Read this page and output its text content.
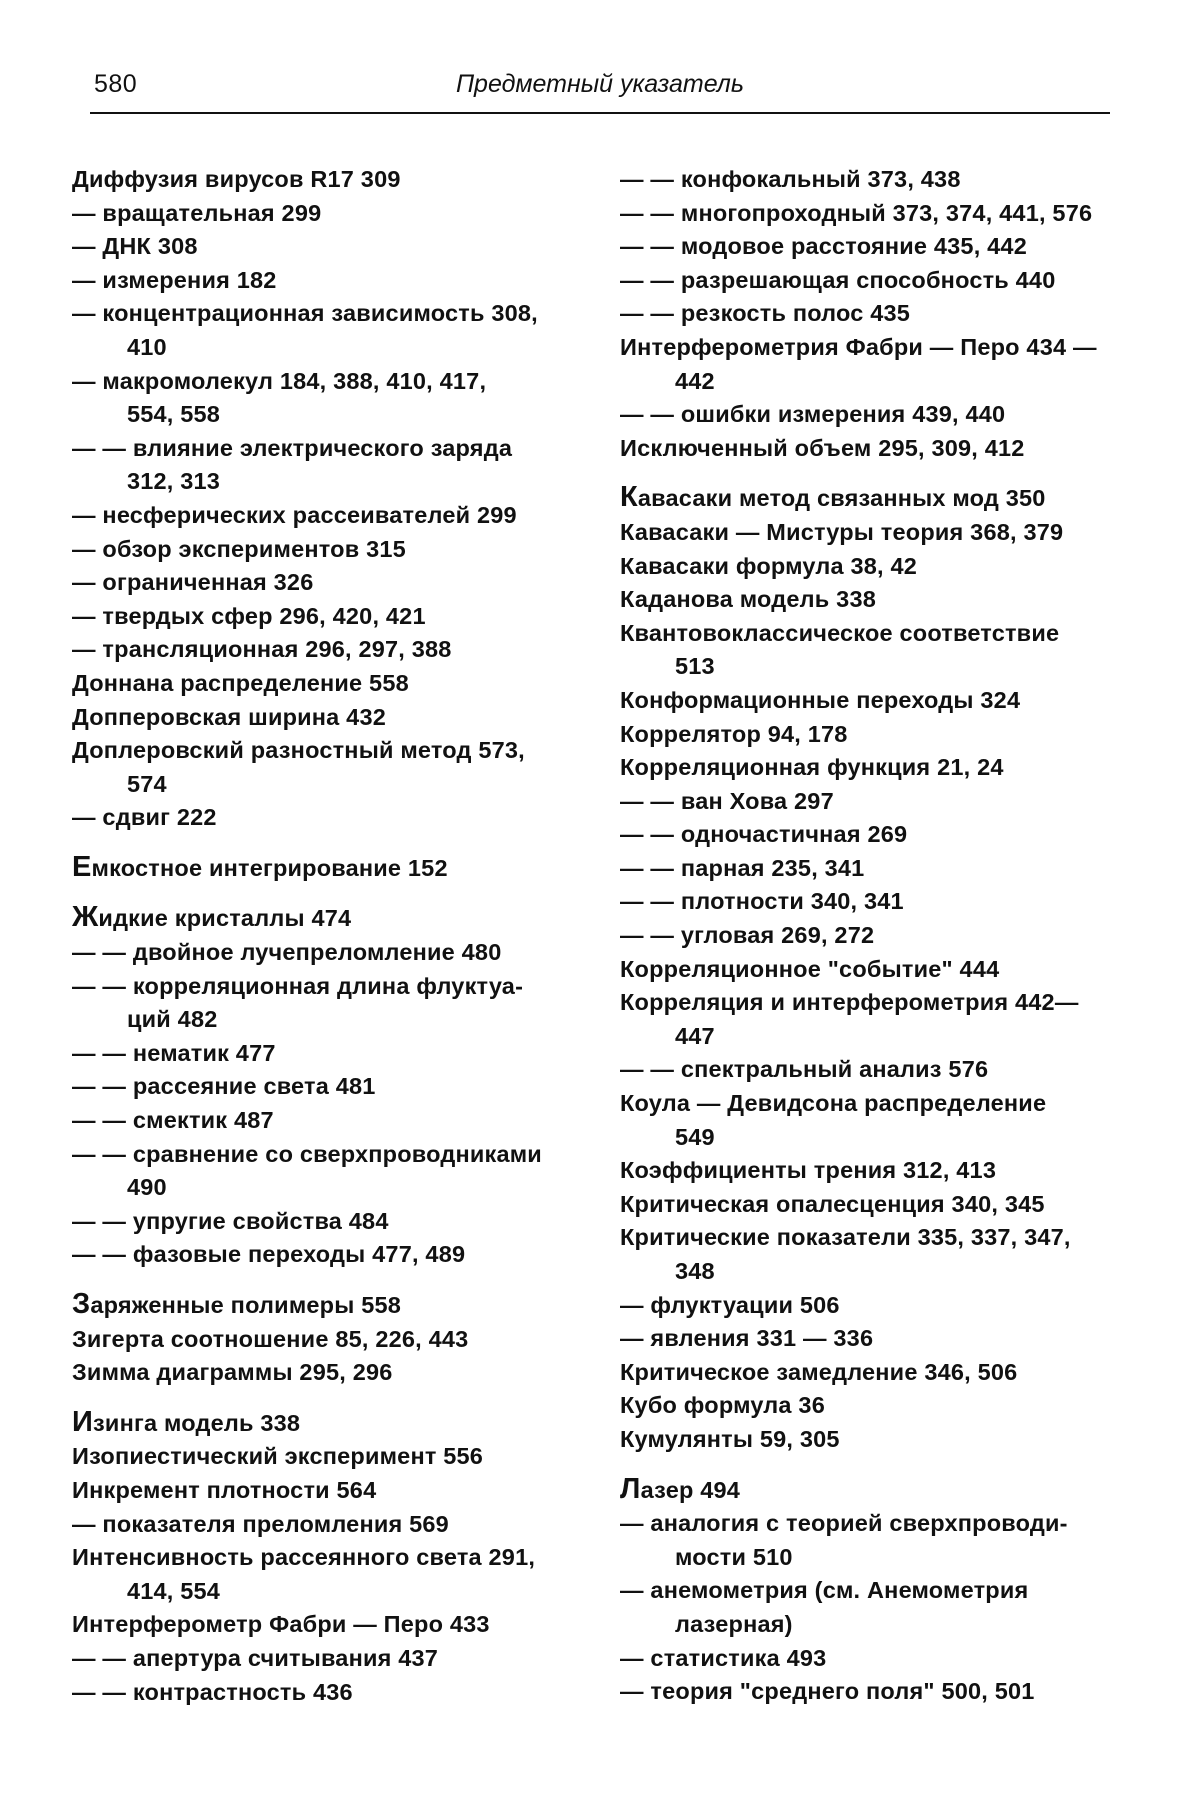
580	Предметный указатель
Диффузия вирусов R17 309
— вращательная 299
— ДНК 308
— измерения 182
— концентрационная зависимость 308,
410
— макромолекул 184, 388, 410, 417,
554, 558
— — влияние электрического заряда
312, 313
— несферических рассеивателей 299
— обзор экспериментов 315
— ограниченная 326
— твердых сфер 296, 420, 421
— трансляционная 296, 297, 388
Доннана распределение 558
Допперовская ширина 432
Доплеровский разностный метод 573,
574
— сдвиг 222
Емкостное интегрирование 152
Жидкие кристаллы 474
— — двойное лучепреломление 480
— — корреляционная длина флуктуа-
ций 482
— — нематик 477
— — рассеяние света 481
— — смектик 487
— — сравнение со сверхпроводниками
490
— — упругие свойства 484
— — фазовые переходы 477, 489
Заряженные полимеры 558
Зигерта соотношение 85, 226, 443
Зимма диаграммы 295, 296
Изинга модель 338
Изопиестический эксперимент 556
Инкремент плотности 564
— показателя преломления 569
Интенсивность рассеянного света 291,
414, 554
Интерферометр Фабри — Перо 433
— — апертура считывания 437
— — контрастность 436
— — конфокальный 373, 438
— — многопроходный 373, 374, 441, 576
— — модовое расстояние 435, 442
— — разрешающая способность 440
— — резкость полос 435
Интерферометрия Фабри — Перо 434 —
442
— — ошибки измерения 439, 440
Исключенный объем 295, 309, 412
Кавасаки метод связанных мод 350
Кавасаки — Мистуры теория 368, 379
Кавасаки формула 38, 42
Каданова модель 338
Квантовоклассическое соответствие
513
Конформационные переходы 324
Коррелятор 94, 178
Корреляционная функция 21, 24
— — ван Хова 297
— — одночастичная 269
— — парная 235, 341
— — плотности 340, 341
— — угловая 269, 272
Корреляционное "событие" 444
Корреляция и интерферометрия 442—
447
— — спектральный анализ 576
Коула — Девидсона распределение
549
Коэффициенты трения 312, 413
Критическая опалесценция 340, 345
Критические показатели 335, 337, 347,
348
— флуктуации 506
— явления 331 — 336
Критическое замедление 346, 506
Кубо формула 36
Кумулянты 59, 305
Лазер 494
— аналогия с теорией сверхпроводи-
мости 510
— анемометрия (см. Анемометрия
лазерная)
— статистика 493
— теория "среднего поля" 500, 501
